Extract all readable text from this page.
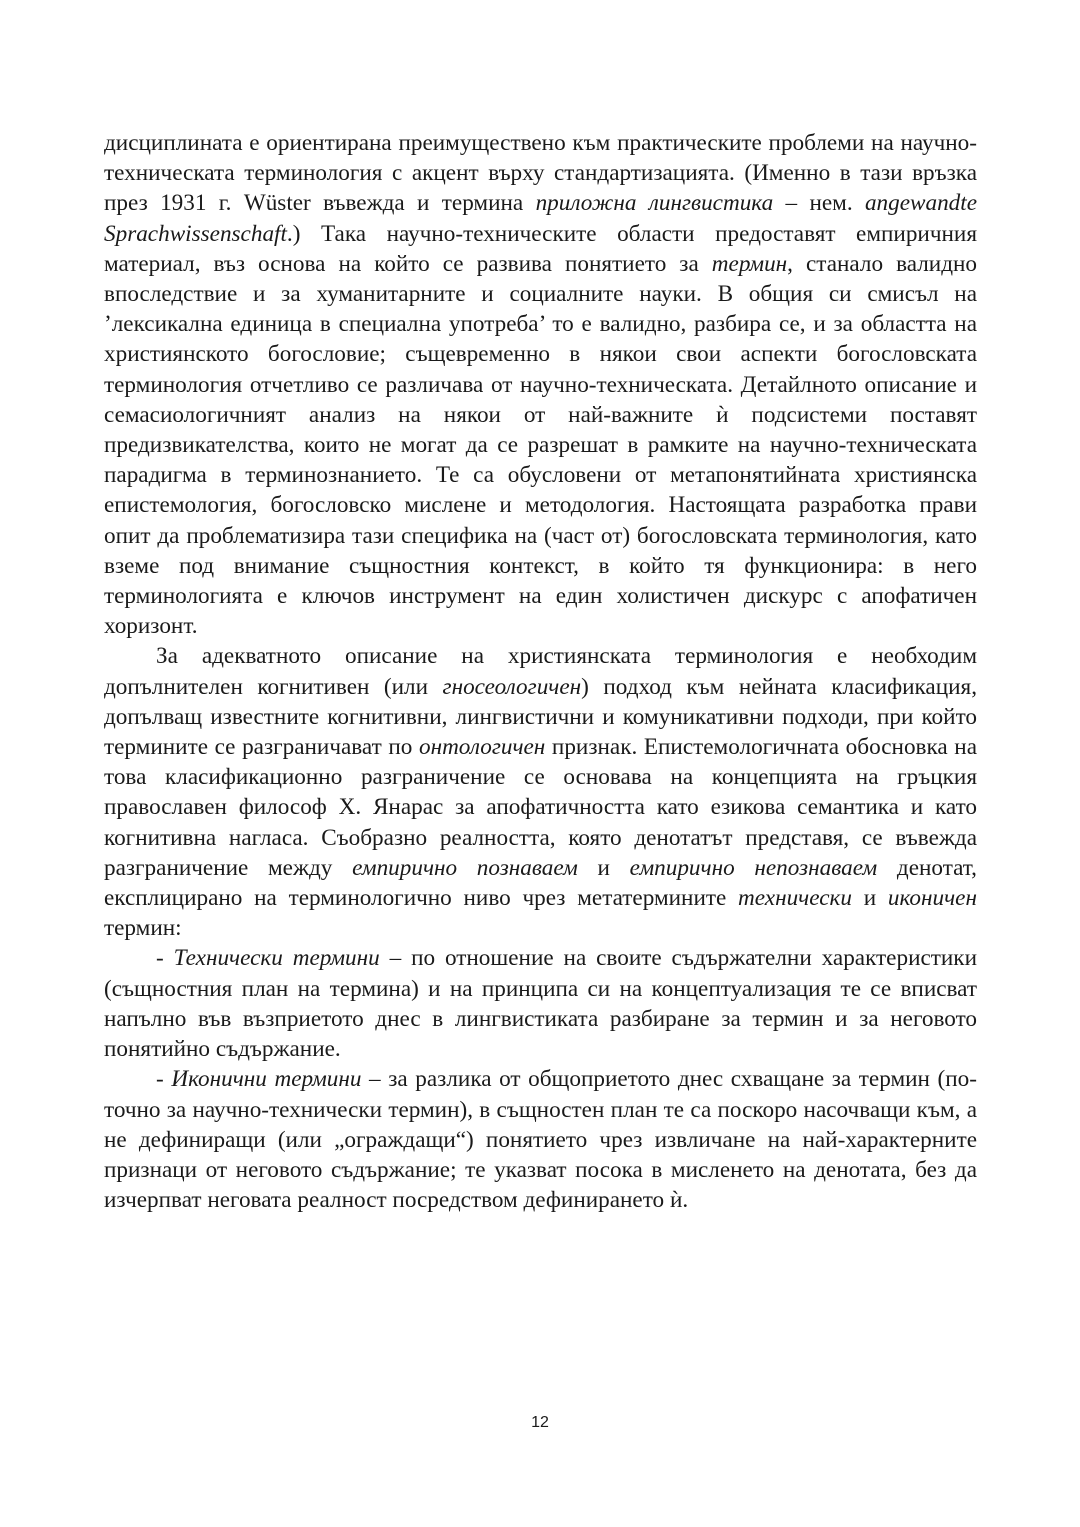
дисциплината е ориентирана преимуществено към практическите проблеми на научно-техническата терминология с акцент върху стандартизацията. (Именно в тази връзка през 1931 г. Wüster въвежда и термина приложна лингвистика – нем. angewandte Sprachwissenschaft.) Така научно-техническите области предоставят емпиричния материал, въз основа на който се развива понятието за термин, станало валидно впоследствие и за хуманитарните и социалните науки. В общия си смисъл на ’лексикална единица в специална употреба’ то е валидно, разбира се, и за областта на християнското богословие; същевременно в някои свои аспекти богословската терминология отчетливо се различава от научно-техническата. Детайлното описание и семасиологичният анализ на някои от най-важните ѝ подсистеми поставят предизвикателства, които не могат да се разрешат в рамките на научно-техническата парадигма в терминознанието. Те са обусловени от метапонятийната християнска епистемология, богословско мислене и методология. Настоящата разработка прави опит да проблематизира тази специфика на (част от) богословската терминология, като вземе под внимание същностния контекст, в който тя функционира: в него терминологията е ключов инструмент на един холистичен дискурс с апофатичен хоризонт.

За адекватното описание на християнската терминология е необходим допълнителен когнитивен (или гносеологичен) подход към нейната класификация, допълващ известните когнитивни, лингвистични и комуникативни подходи, при който термините се разграничават по онтологичен признак. Епистемологичната обосновка на това класификационно разграничение се основава на концепцията на гръцкия православен философ Х. Янарас за апофатичността като езикова семантика и като когнитивна нагласа. Съобразно реалността, която денотатът представя, се въвежда разграничение между емпирично познаваем и емпирично непознаваем денотат, експлицирано на терминологично ниво чрез метатерминитe технически и иконичен термин:

- Технически термини – по отношение на своите съдържателни характеристики (същностния план на термина) и на принципа си на концептуализация те се вписват напълно във възприетото днес в лингвистиката разбиране за термин и за неговото понятийно съдържание.

- Иконични термини – за разлика от общоприетото днес схващане за термин (по-точно за научно-технически термин), в същностен план те са поскоро насочващи към, а не дефиниращи (или „ограждащи“) понятието чрез извличане на най-характерните признаци от неговото съдържание; те указват посока в мисленето на денотата, без да изчерпват неговата реалност посредством дефинирането ѝ.

12
